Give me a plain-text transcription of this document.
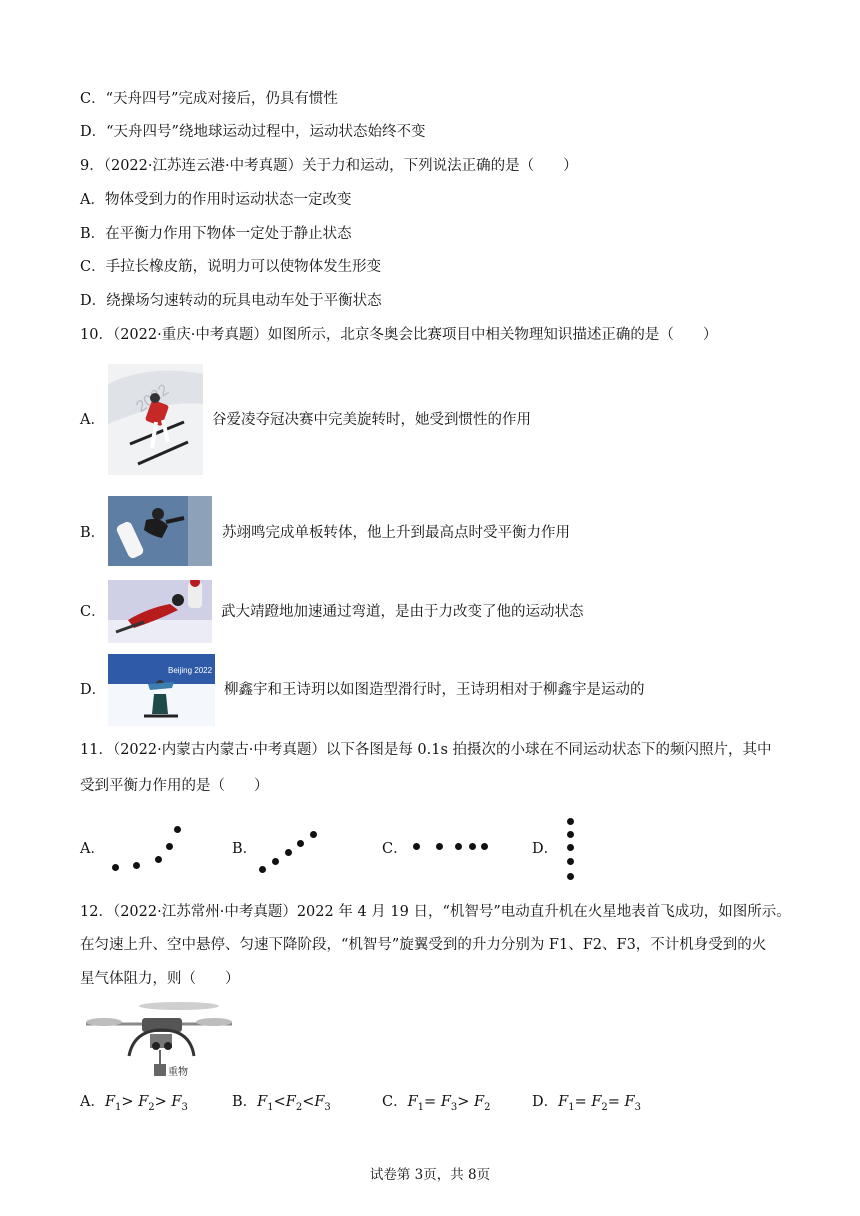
C．“天舟四号”完成对接后，仍具有惯性
D．“天舟四号”绕地球运动过程中，运动状态始终不变
9．（2022·江苏连云港·中考真题）关于力和运动，下列说法正确的是（　　）
A．物体受到力的作用时运动状态一定改变
B．在平衡力作用下物体一定处于静止状态
C．手拉长橡皮筋，说明力可以使物体发生形变
D．绕操场匀速转动的玩具电动车处于平衡状态
10．（2022·重庆·中考真题）如图所示，北京冬奥会比赛项目中相关物理知识描述正确的是（　　）
A．	谷爱凌夺冠决赛中完美旋转时，她受到惯性的作用
B．	苏翊鸣完成单板转体，他上升到最高点时受平衡力作用
C．	武大靖蹬地加速通过弯道，是由于力改变了他的运动状态
D．
Beijing 2022
柳鑫宇和王诗玥以如图造型滑行时，王诗玥相对于柳鑫宇是运动的
11．（2022·内蒙古内蒙古·中考真题）以下各图是每 0.1s 拍摄次的小球在不同运动状态下的频闪照片，其中
受到平衡力作用的是（　　）
A．	B．	C．	D．
12．（2022·江苏常州·中考真题）2022 年 4 月 19 日，“机智号”电动直升机在火星地表首飞成功，如图所示。
在匀速上升、空中悬停、匀速下降阶段，“机智号”旋翼受到的升力分别为 F1、F2、F3，不计机身受到的火
星气体阻力，则（　　）
重物
A．$F_1> F_2> F_3$	B．$F_1<F_2<F_3$	C．$F_1= F_3> F_2$	D．$F_1= F_2= F_3$
试卷第 3页，共 8页
